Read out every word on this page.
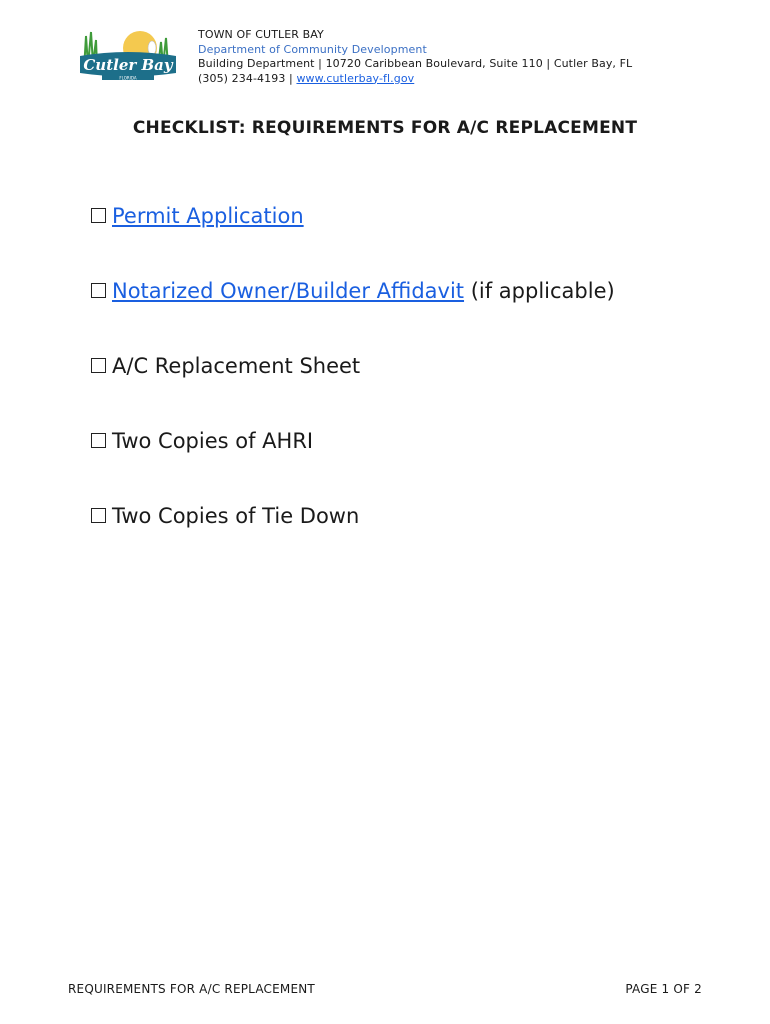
Cutler Bay
FLORIDA
TOWN OF CUTLER BAY
Department of Community Development
Building Department | 10720 Caribbean Boulevard, Suite 110 | Cutler Bay, FL
(305) 234-4193 | www.cutlerbay-fl.gov
CHECKLIST: REQUIREMENTS FOR A/C REPLACEMENT
Permit Application
Notarized Owner/Builder Affidavit (if applicable)
A/C Replacement Sheet
Two Copies of AHRI
Two Copies of Tie Down
REQUIREMENTS FOR A/C REPLACEMENT	PAGE 1 OF 2
